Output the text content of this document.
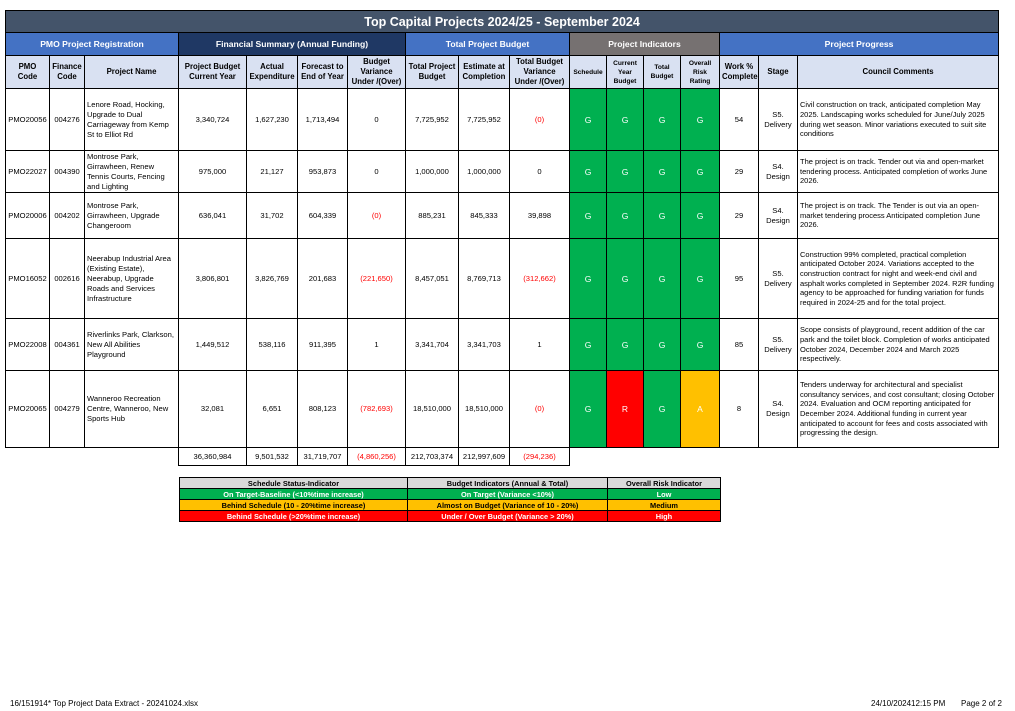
Top Capital Projects 2024/25 - September 2024																
PMO Project Registration			Financial Summary (Annual Funding)				Total Project Budget			Project Indicators				Project Progress		
PMO Code	Finance Code	Project Name	Project Budget Current Year	Actual Expenditure	Forecast to End of Year	Budget Variance Under /(Over)	Total Project Budget	Estimate at Completion	Total Budget Variance Under /(Over)	Schedule	Current Year Budget	Total Budget	Overall Risk Rating	Work % Complete	Stage	Council Comments
PMO20056	004276	Lenore Road, Hocking, Upgrade to Dual Carriageway from Kemp St to Elliot Rd	3,340,724	1,627,230	1,713,494	0	7,725,952	7,725,952	(0)	G	G	G	G	54	S5. Delivery	Civil construction on track, anticipated completion May 2025. Landscaping works scheduled for June/July 2025 during wet season. Minor variations executed to suit site conditions
PMO22027	004390	Montrose Park, Girrawheen, Renew Tennis Courts, Fencing and Lighting	975,000	21,127	953,873	0	1,000,000	1,000,000	0	G	G	G	G	29	S4. Design	The project is on track. Tender out via and open-market tendering process. Anticipated completion of works June 2026.
PMO20006	004202	Montrose Park, Girrawheen, Upgrade Changeroom	636,041	31,702	604,339	(0)	885,231	845,333	39,898	G	G	G	G	29	S4. Design	The project is on track. The Tender is out via an open-market tendering process Anticipated completion June 2026.
PMO16052	002616	Neerabup Industrial Area (Existing Estate), Neerabup, Upgrade Roads and Services Infrastructure	3,806,801	3,826,769	201,683	(221,650)	8,457,051	8,769,713	(312,662)	G	G	G	G	95	S5. Delivery	Construction 99% completed, practical completion anticipated October 2024. Variations accepted to the construction contract for night and week-end civil and asphalt works completed in September 2024. R2R funding agency to be approached for funding variation for funds required in 2024-25 and for the total project.
PMO22008	004361	Riverlinks Park, Clarkson, New All Abilities Playground	1,449,512	538,116	911,395	1	3,341,704	3,341,703	1	G	G	G	G	85	S5. Delivery	Scope consists of playground, recent addition of the car park and the toilet block. Completion of works anticipated October 2024, December 2024 and March 2025 respectively.
PMO20065	004279	Wanneroo Recreation Centre, Wanneroo, New Sports Hub	32,081	6,651	808,123	(782,693)	18,510,000	18,510,000	(0)	G	R	G	A	8	S4. Design	Tenders underway for architectural and specialist consultancy services, and cost consultant; closing October 2024. Evaluation and OCM reporting anticipated for December 2024. Additional funding in current year anticipated to account for fees and costs associated with progressing the design.
			36,360,984	9,501,532	31,719,707	(4,860,256)	212,703,374	212,997,609	(294,236)							
Schedule Status-Indicator	Budget Indicators (Annual & Total)	Overall Risk Indicator
On Target-Baseline (<10%time increase)	On Target (Variance <10%)	Low
Behind Schedule (10 - 20%time increase)	Almost on Budget (Variance of 10 - 20%)	Medium
Behind Schedule (>20%time increase)	Under / Over Budget (Variance > 20%)	High
16/151914* Top Project Data Extract - 20241024.xlsx	24/10/202412:15 PM Page 2 of 2
